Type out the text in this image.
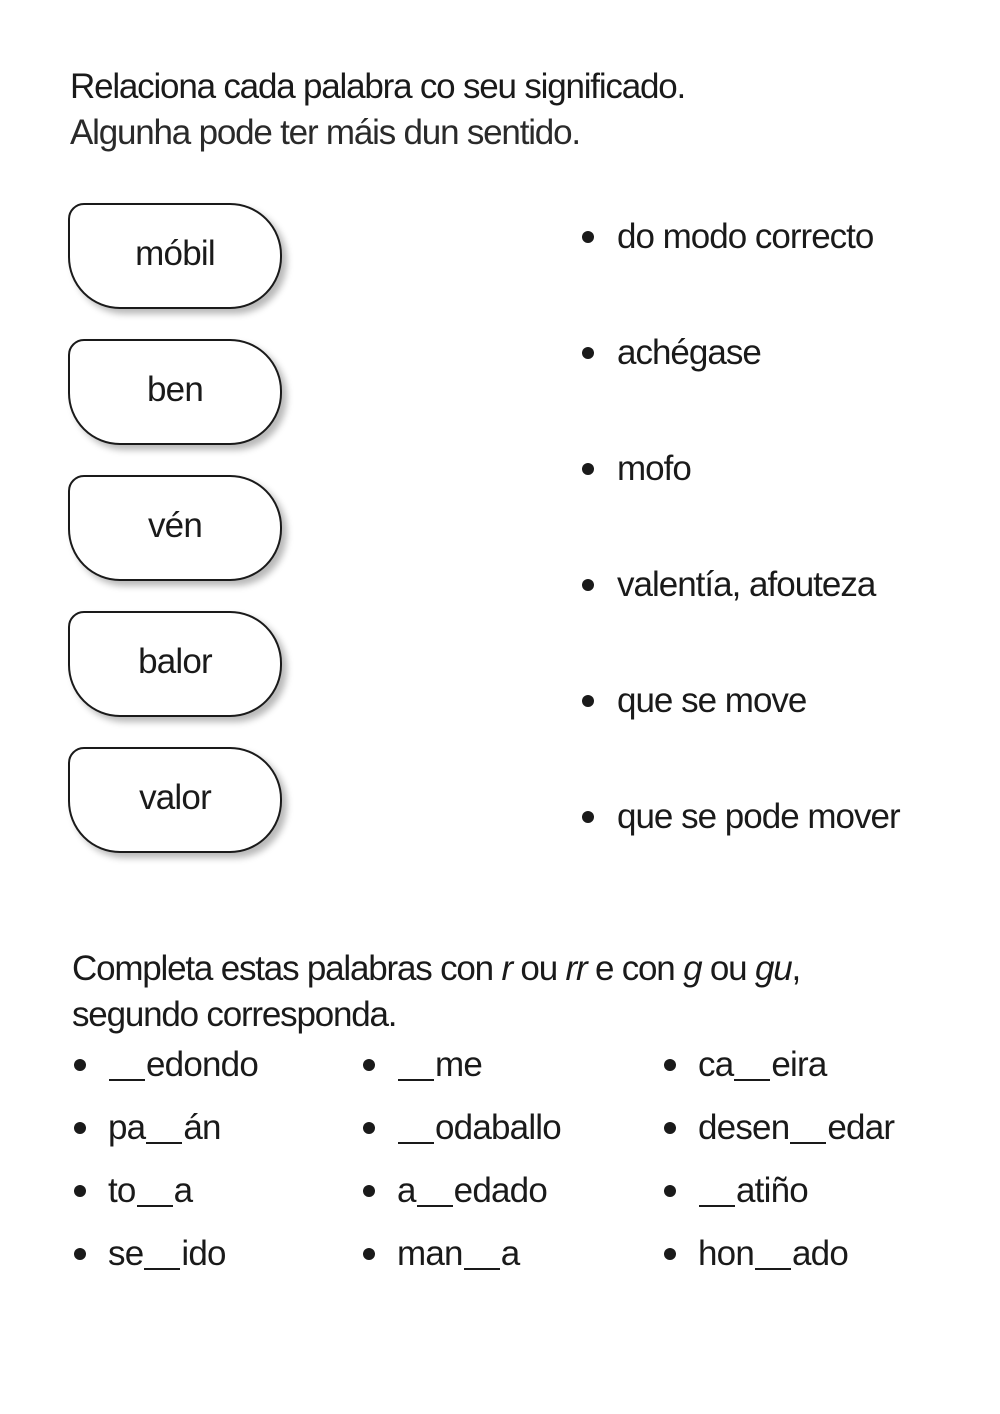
Relaciona cada palabra co seu significado.
Algunha pode ter máis dun sentido.
móbil
ben
vén
balor
valor
do modo correcto
achégase
mofo
valentía, afouteza
que se move
que se pode mover
Completa estas palabras con r ou rr e con g ou gu,
segundo corresponda.
edondo
pa án
to a
se ido
me
odaballo
a edado
man a
ca eira
desen edar
atiño
hon ado
